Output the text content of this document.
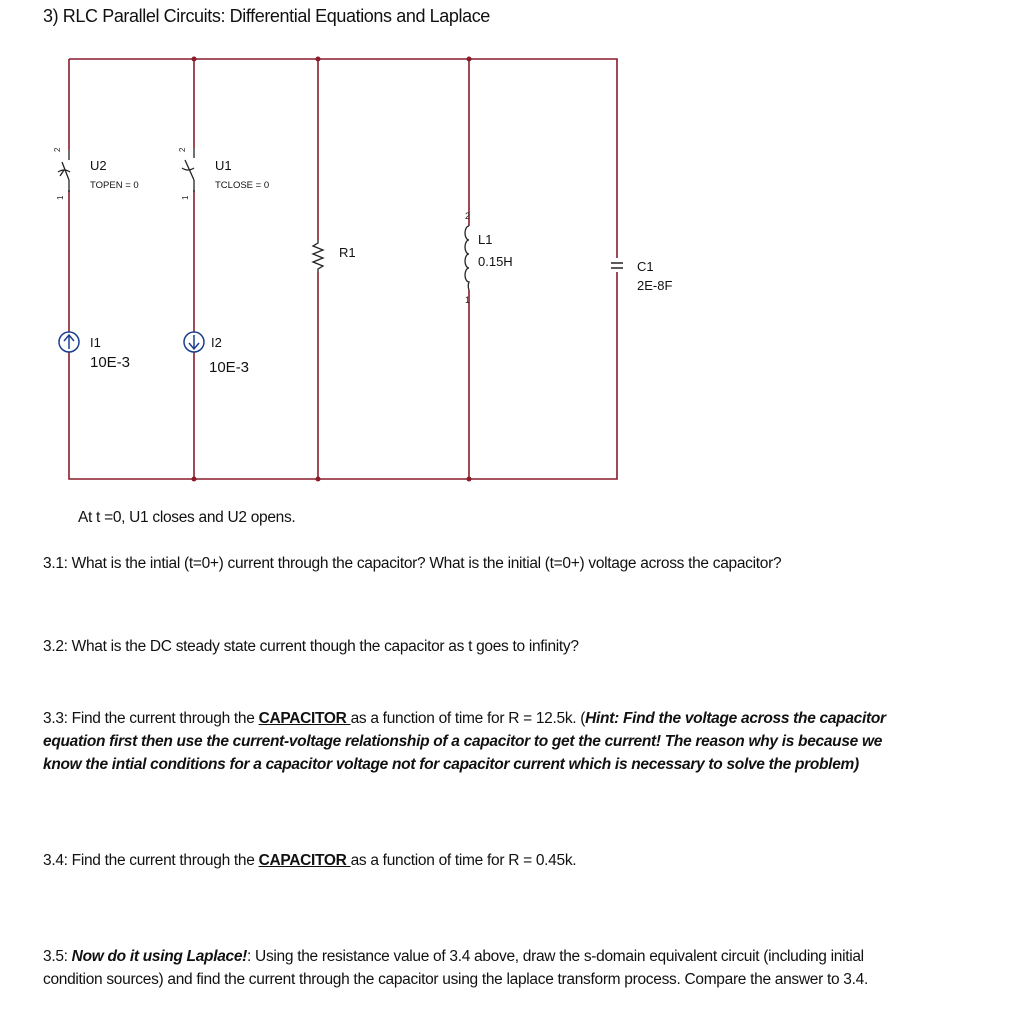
3) RLC Parallel Circuits: Differential Equations and Laplace
2
1
2
1
2
1
U2
TOPEN = 0
U1
TCLOSE = 0
R1
L1
0.15H	C1
2E-8F
I1
10E-3
I2
10E-3
At t =0, U1 closes and U2 opens.
3.1: What is the intial (t=0+) current through the capacitor? What is the initial (t=0+) voltage across the capacitor?
3.2: What is the DC steady state current though the capacitor as t goes to infinity?
3.3: Find the current through the CAPACITOR as a function of time for R = 12.5k. (Hint: Find the voltage across the capacitor equation first then use the current-voltage relationship of a capacitor to get the current! The reason why is because we know the intial conditions for a capacitor voltage not for capacitor current which is necessary to solve the problem)
3.4: Find the current through the CAPACITOR as a function of time for R = 0.45k.
3.5: Now do it using Laplace!: Using the resistance value of 3.4 above, draw the s-domain equivalent circuit (including initial condition sources) and find the current through the capacitor using the laplace transform process. Compare the answer to 3.4.
